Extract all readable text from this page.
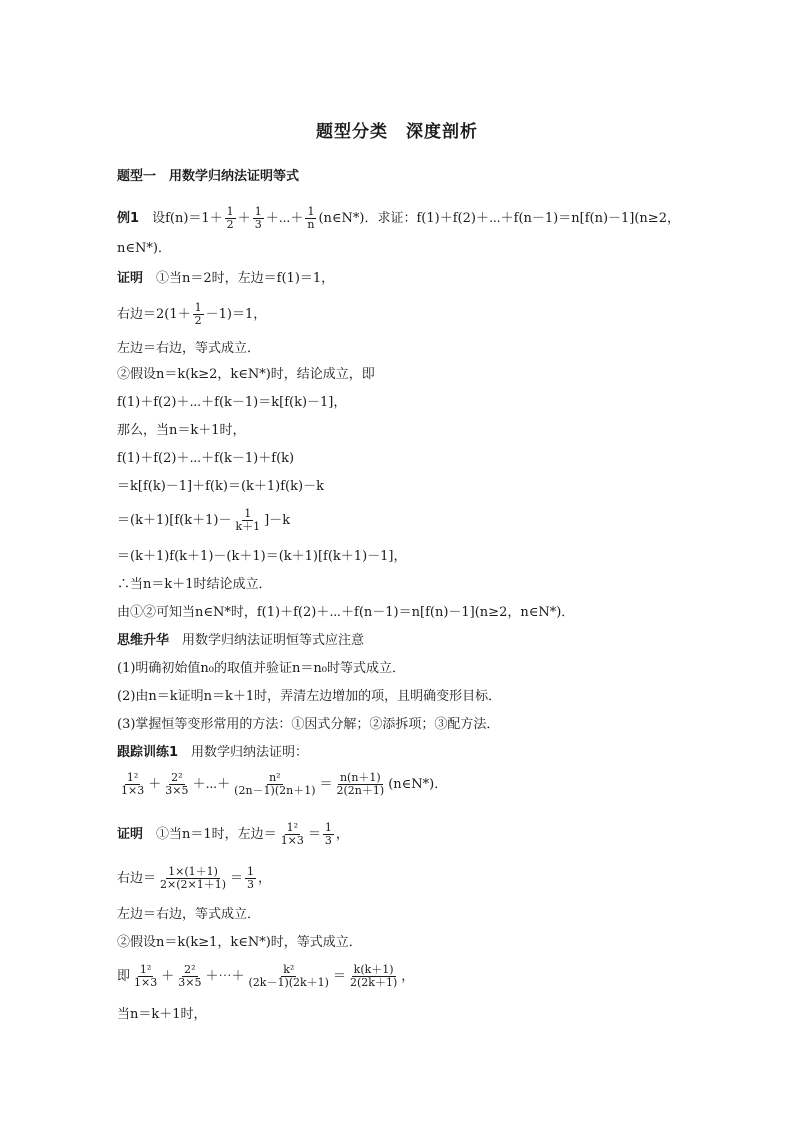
题型分类　深度剖析
题型一　用数学归纳法证明等式
例1　 设$f(n)=1+ \frac{1}{2} + \frac{1}{3}$ ＋⋯＋ $\frac{1}{n}$ (n∈N*)．求证：f(1)＋f(2)＋⋯＋f(n－1)＝n[f(n)－1](n≥2，
n∈N*)．
证明　 ①当n＝2时，左边＝f(1)＝1，
右边$=2(1+ \frac{1}{2} -1)=1$，
左边＝右边，等式成立．
②假设n＝k(k≥2，k∈N*)时，结论成立，即
f(1)＋f(2)＋⋯＋f(k－1)＝k[f(k)－1]，
那么，当n＝k＋1时，
f(1)＋f(2)＋⋯＋f(k－1)＋f(k)
＝k[f(k)－1]＋f(k)＝(k＋1)f(k)－k
$=(k+1)[f(k+1)- \frac{1}{k+1} ]-k$
＝(k＋1)f(k＋1)－(k＋1)＝(k＋1)[f(k＋1)－1]，
∴当n＝k＋1时结论成立．
由①②可知当n∈N*时，f(1)＋f(2)＋⋯＋f(n－1)＝n[f(n)－1](n≥2，n∈N*)．
思维升华　用数学归纳法证明恒等式应注意
(1)明确初始值n₀的取值并验证n＝n₀时等式成立．
(2)由n＝k证明n＝k＋1时，弄清左边增加的项，且明确变形目标．
(3)掌握恒等变形常用的方法：①因式分解；②添拆项；③配方法．
跟踪训练1　用数学归纳法证明：
$\frac{\text{1²}}{1\times 3} + \frac{\text{2²}}{3\times 5}$ ＋⋯＋ $\frac{\text{n²}}{(2n-1)(2n+1)} = \frac{n(n+1)}{2(2n+1)}$ (n∈N*)．
证明　 ①当n＝1时，左边＝ $\frac{\text{1²}}{1\times 3} = \frac{1}{3}$ ，
右边＝ $\frac{1\times(1+1)}{2\times(2\times 1+1)} = \frac{1}{3}$ ，
左边＝右边，等式成立．
②假设n＝k(k≥1，k∈N*)时，等式成立．
即 $\frac{\text{1²}}{1\times 3} + \frac{\text{2²}}{3\times 5}$ ＋⋯＋ $\frac{\text{k²}}{(2k-1)(2k+1)} = \frac{k(k+1)}{2(2k+1)}$ ，
当n＝k＋1时，
